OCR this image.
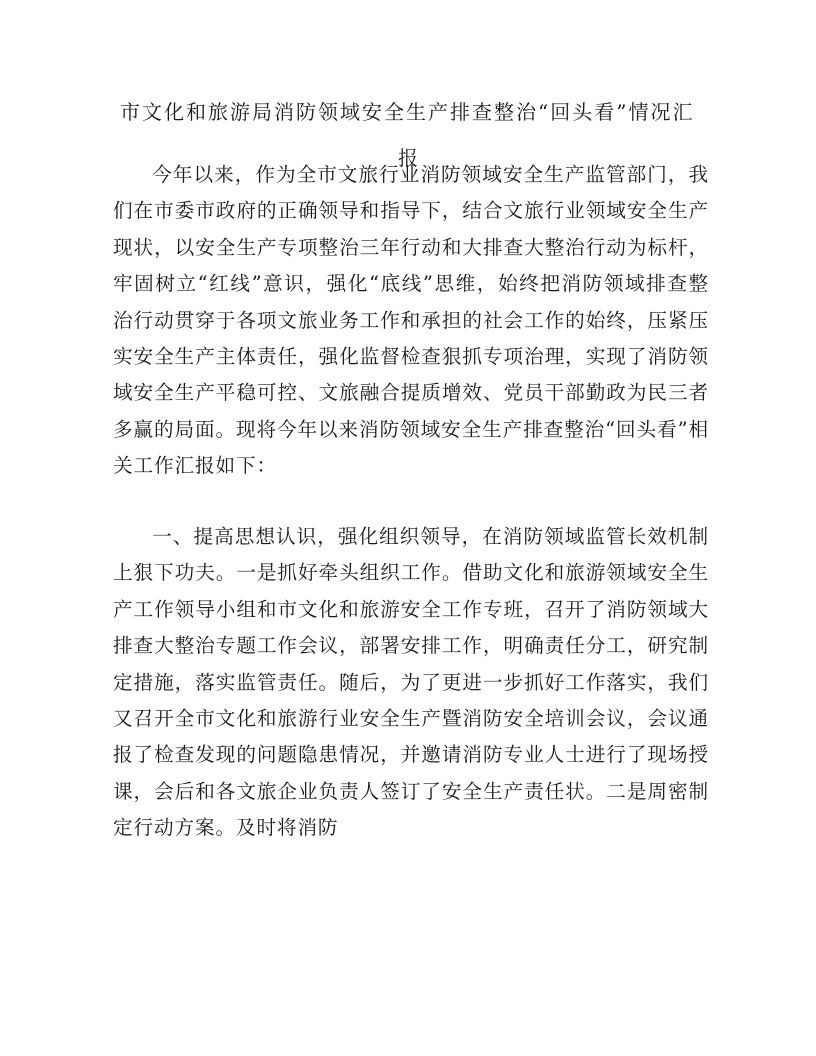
市文化和旅游局消防领域安全生产排查整治“回头看”情况汇
报

今年以来，作为全市文旅行业消防领域安全生产监管部门，我们在市委市政府的正确领导和指导下，结合文旅行业领域安全生产现状，以安全生产专项整治三年行动和大排查大整治行动为标杆，牢固树立“红线”意识，强化“底线”思维，始终把消防领域排查整治行动贯穿于各项文旅业务工作和承担的社会工作的始终，压紧压实安全生产主体责任，强化监督检查狠抓专项治理，实现了消防领域安全生产平稳可控、文旅融合提质增效、党员干部勤政为民三者多赢的局面。现将今年以来消防领域安全生产排查整治“回头看”相关工作汇报如下：

一、提高思想认识，强化组织领导，在消防领域监管长效机制上狠下功夫。一是抓好牵头组织工作。借助文化和旅游领域安全生产工作领导小组和市文化和旅游安全工作专班，召开了消防领域大排查大整治专题工作会议，部署安排工作，明确责任分工，研究制定措施，落实监管责任。随后，为了更进一步抓好工作落实，我们又召开全市文化和旅游行业安全生产暨消防安全培训会议，会议通报了检查发现的问题隐患情况，并邀请消防专业人士进行了现场授课，会后和各文旅企业负责人签订了安全生产责任状。二是周密制定行动方案。及时将消防
